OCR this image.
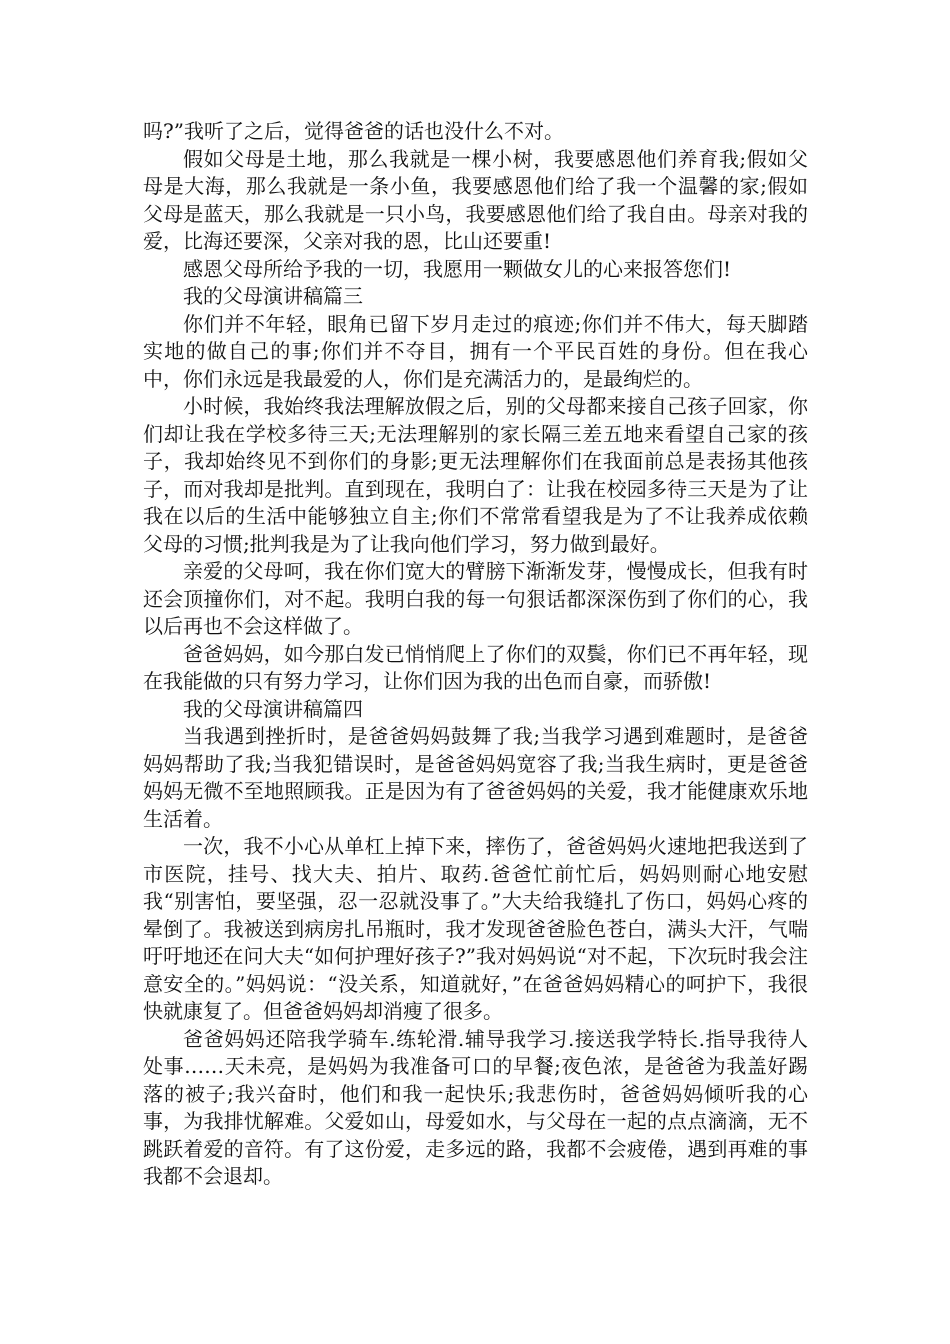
吗?”我听了之后，觉得爸爸的话也没什么不对。

假如父母是土地，那么我就是一棵小树，我要感恩他们养育我;假如父母是大海，那么我就是一条小鱼，我要感恩他们给了我一个温馨的家;假如父母是蓝天，那么我就是一只小鸟，我要感恩他们给了我自由。母亲对我的爱，比海还要深，父亲对我的恩，比山还要重!

感恩父母所给予我的一切，我愿用一颗做女儿的心来报答您们!

我的父母演讲稿篇三

你们并不年轻，眼角已留下岁月走过的痕迹;你们并不伟大，每天脚踏实地的做自己的事;你们并不夺目，拥有一个平民百姓的身份。但在我心中，你们永远是我最爱的人，你们是充满活力的，是最绚烂的。

小时候，我始终我法理解放假之后，别的父母都来接自己孩子回家，你们却让我在学校多待三天;无法理解别的家长隔三差五地来看望自己家的孩子，我却始终见不到你们的身影;更无法理解你们在我面前总是表扬其他孩子，而对我却是批判。直到现在，我明白了：让我在校园多待三天是为了让我在以后的生活中能够独立自主;你们不常常看望我是为了不让我养成依赖父母的习惯;批判我是为了让我向他们学习，努力做到最好。

亲爱的父母呵，我在你们宽大的臂膀下渐渐发芽，慢慢成长，但我有时还会顶撞你们，对不起。我明白我的每一句狠话都深深伤到了你们的心，我以后再也不会这样做了。

爸爸妈妈，如今那白发已悄悄爬上了你们的双鬓，你们已不再年轻，现在我能做的只有努力学习，让你们因为我的出色而自豪，而骄傲!

我的父母演讲稿篇四

当我遇到挫折时，是爸爸妈妈鼓舞了我;当我学习遇到难题时，是爸爸妈妈帮助了我;当我犯错误时，是爸爸妈妈宽容了我;当我生病时，更是爸爸妈妈无微不至地照顾我。正是因为有了爸爸妈妈的关爱，我才能健康欢乐地生活着。

一次，我不小心从单杠上掉下来，摔伤了，爸爸妈妈火速地把我送到了市医院，挂号、找大夫、拍片、取药.爸爸忙前忙后，妈妈则耐心地安慰我“别害怕，要坚强，忍一忍就没事了。”大夫给我缝扎了伤口，妈妈心疼的晕倒了。我被送到病房扎吊瓶时，我才发现爸爸脸色苍白，满头大汗，气喘吁吁地还在问大夫“如何护理好孩子?”我对妈妈说“对不起，下次玩时我会注意安全的。”妈妈说：“没关系，知道就好，”在爸爸妈妈精心的呵护下，我很快就康复了。但爸爸妈妈却消瘦了很多。

爸爸妈妈还陪我学骑车.练轮滑.辅导我学习.接送我学特长.指导我待人处事……天未亮，是妈妈为我准备可口的早餐;夜色浓，是爸爸为我盖好踢落的被子;我兴奋时，他们和我一起快乐;我悲伤时，爸爸妈妈倾听我的心事，为我排忧解难。父爱如山，母爱如水，与父母在一起的点点滴滴，无不跳跃着爱的音符。有了这份爱，走多远的路，我都不会疲倦，遇到再难的事我都不会退却。
